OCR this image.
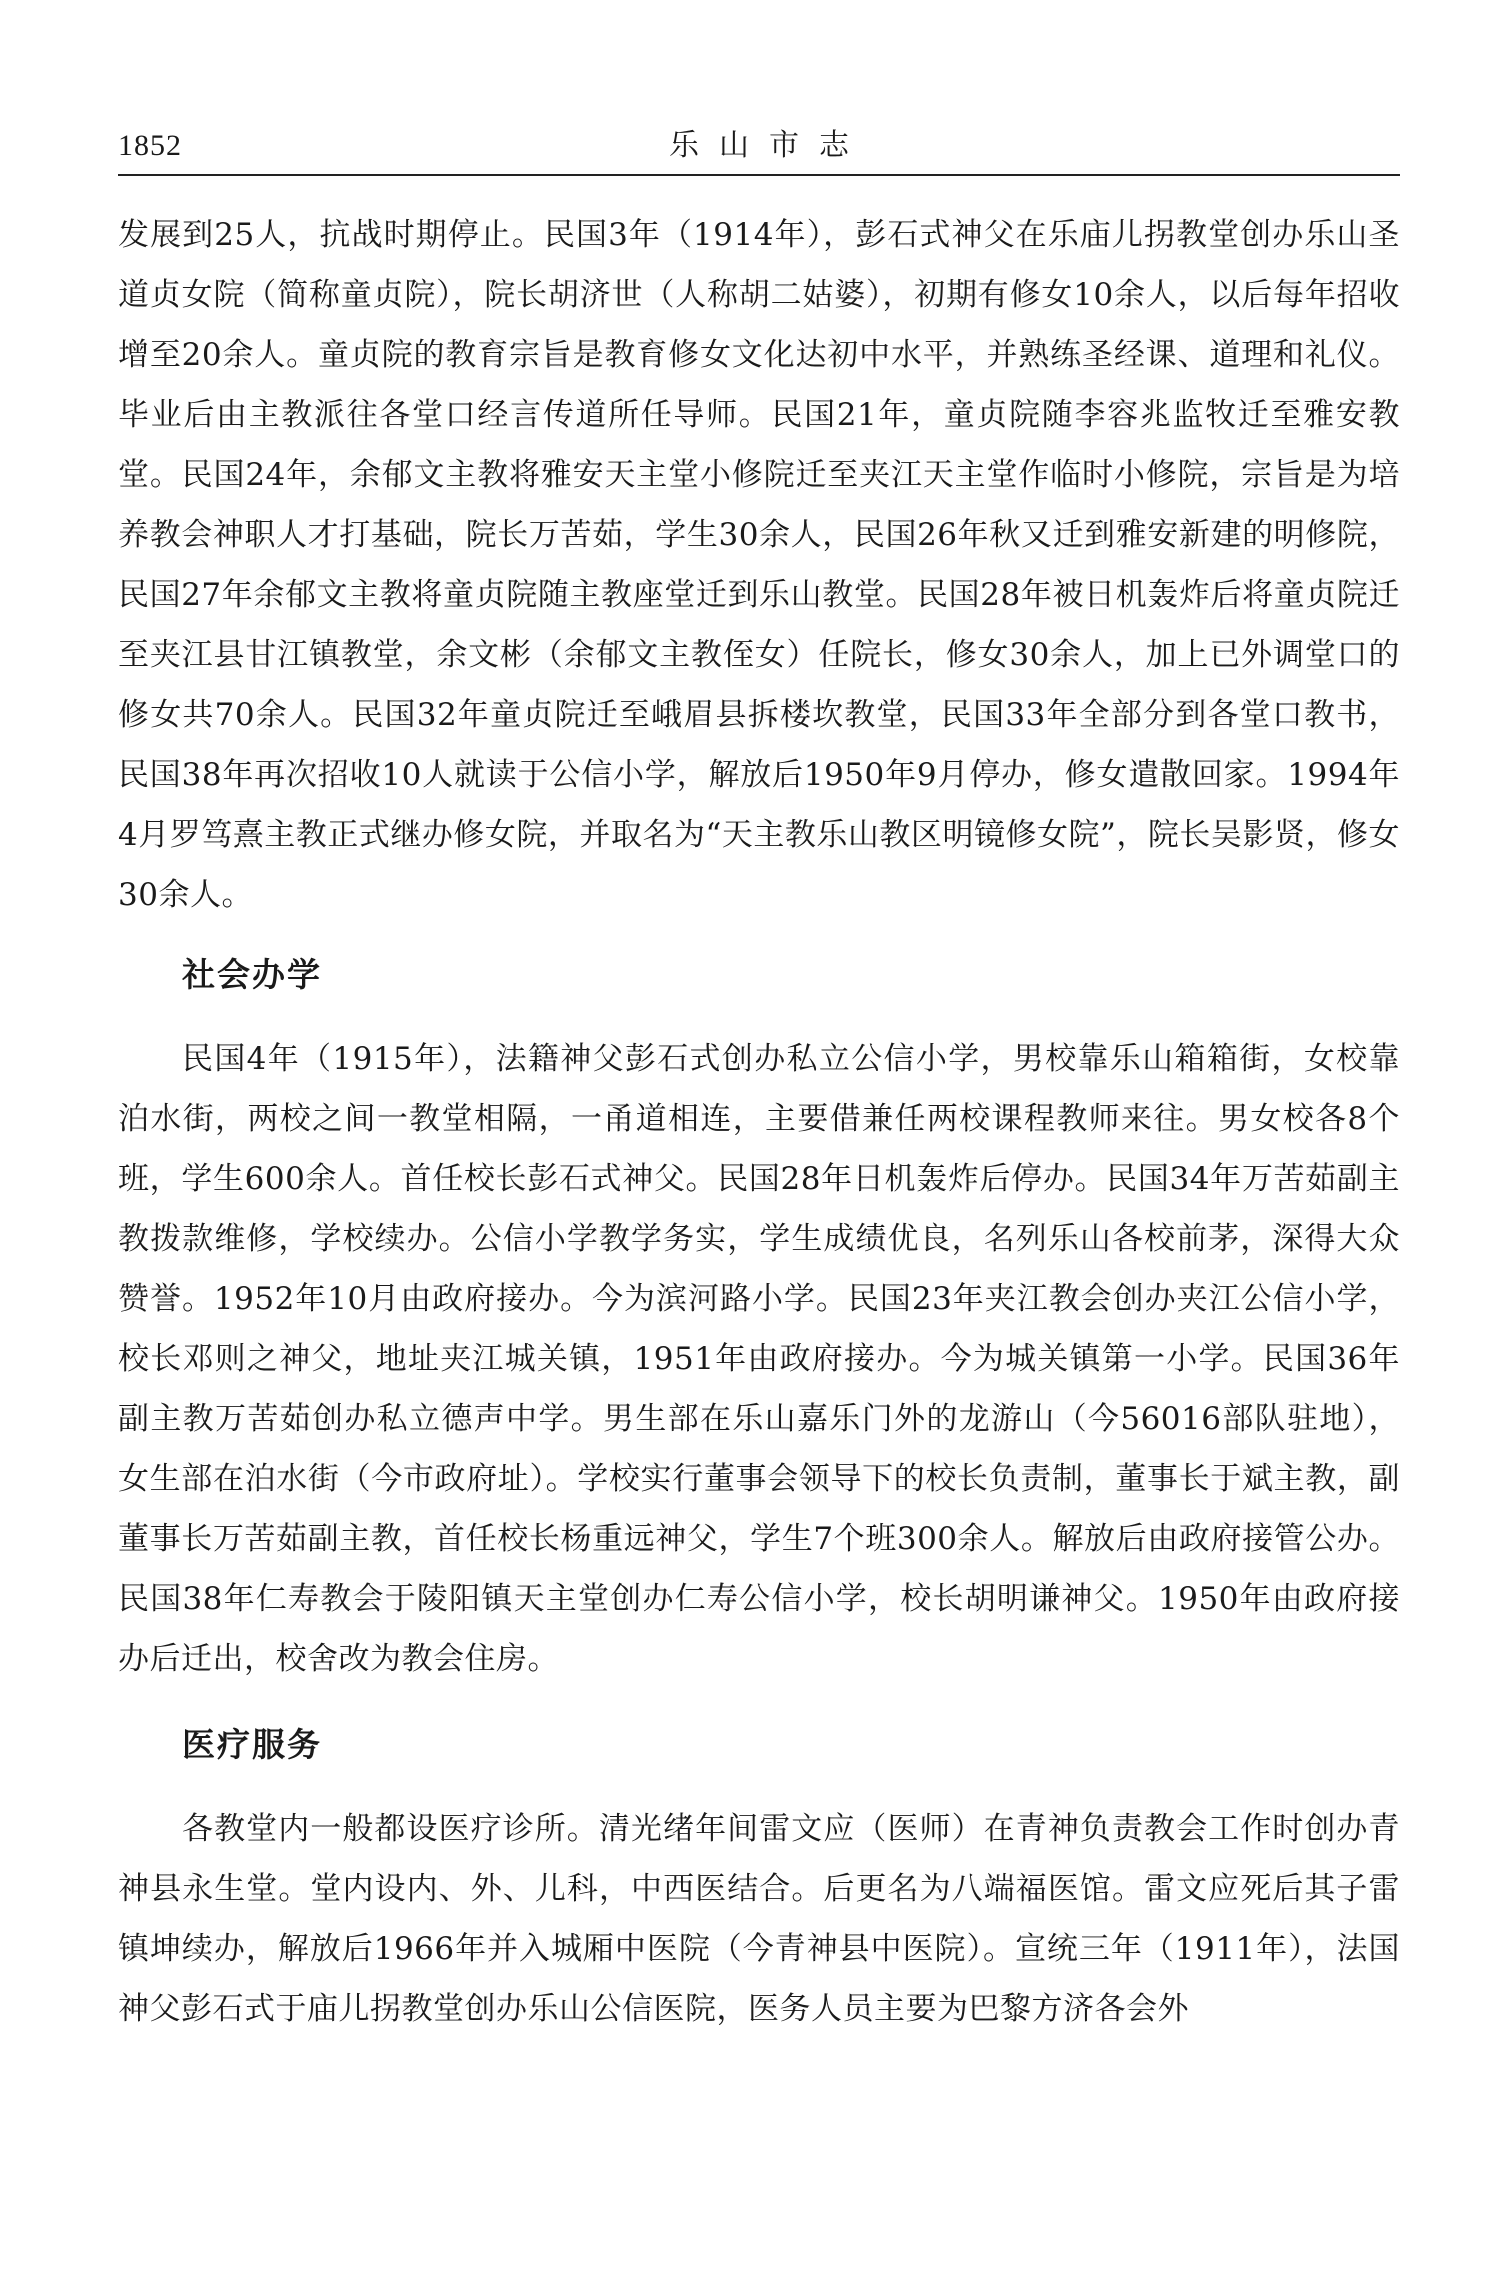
1852	乐山市志

发展到25人，抗战时期停止。民国3年（1914年），彭石式神父在乐庙儿拐教堂创办乐山圣道贞女院（简称童贞院），院长胡济世（人称胡二姑婆），初期有修女10余人，以后每年招收增至20余人。童贞院的教育宗旨是教育修女文化达初中水平，并熟练圣经课、道理和礼仪。毕业后由主教派往各堂口经言传道所任导师。民国21年，童贞院随李容兆监牧迁至雅安教堂。民国24年，余郁文主教将雅安天主堂小修院迁至夹江天主堂作临时小修院，宗旨是为培养教会神职人才打基础，院长万苦茹，学生30余人，民国26年秋又迁到雅安新建的明修院，民国27年余郁文主教将童贞院随主教座堂迁到乐山教堂。民国28年被日机轰炸后将童贞院迁至夹江县甘江镇教堂，余文彬（余郁文主教侄女）任院长，修女30余人，加上已外调堂口的修女共70余人。民国32年童贞院迁至峨眉县拆楼坎教堂，民国33年全部分到各堂口教书，民国38年再次招收10人就读于公信小学，解放后1950年9月停办，修女遣散回家。1994年4月罗笃熹主教正式继办修女院，并取名为“天主教乐山教区明镜修女院”，院长吴影贤，修女30余人。

社会办学

民国4年（1915年），法籍神父彭石式创办私立公信小学，男校靠乐山箱箱街，女校靠泊水街，两校之间一教堂相隔，一甬道相连，主要借兼任两校课程教师来往。男女校各8个班，学生600余人。首任校长彭石式神父。民国28年日机轰炸后停办。民国34年万苦茹副主教拨款维修，学校续办。公信小学教学务实，学生成绩优良，名列乐山各校前茅，深得大众赞誉。1952年10月由政府接办。今为滨河路小学。民国23年夹江教会创办夹江公信小学，校长邓则之神父，地址夹江城关镇，1951年由政府接办。今为城关镇第一小学。民国36年副主教万苦茹创办私立德声中学。男生部在乐山嘉乐门外的龙游山（今56016部队驻地），女生部在泊水街（今市政府址）。学校实行董事会领导下的校长负责制，董事长于斌主教，副董事长万苦茹副主教，首任校长杨重远神父，学生7个班300余人。解放后由政府接管公办。民国38年仁寿教会于陵阳镇天主堂创办仁寿公信小学，校长胡明谦神父。1950年由政府接办后迁出，校舍改为教会住房。

医疗服务

各教堂内一般都设医疗诊所。清光绪年间雷文应（医师）在青神负责教会工作时创办青神县永生堂。堂内设内、外、儿科，中西医结合。后更名为八端福医馆。雷文应死后其子雷镇坤续办，解放后1966年并入城厢中医院（今青神县中医院）。宣统三年（1911年），法国神父彭石式于庙儿拐教堂创办乐山公信医院，医务人员主要为巴黎方济各会外
